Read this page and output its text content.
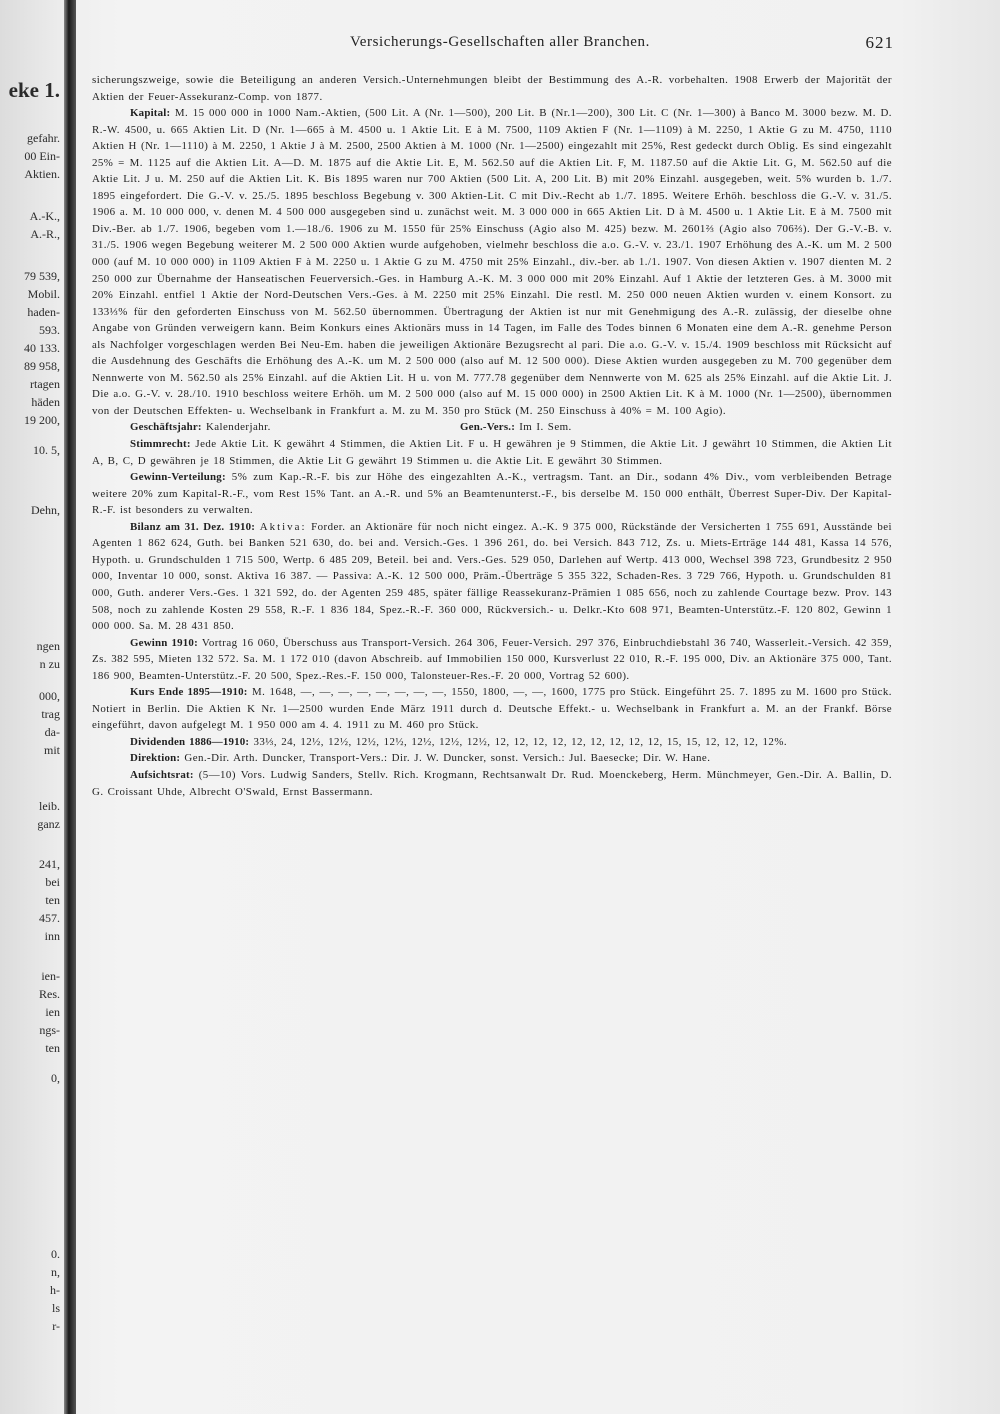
Versicherungs-Gesellschaften aller Branchen.	621
eke 1.
gefahr.
00 Ein-
Aktien.
A.-K.,
A.-R.,
79 539,
Mobil.
haden-
593.
40 133.
89 958,
rtagen
häden
19 200,
10. 5,
Dehn,
ngen
n zu
000,
trag
da-
mit
leib.
ganz
241,
bei
ten
457.
inn
ien-
Res.
ien
ngs-
ten
0,
0.
n,
h-
ls
r-

sicherungszweige, sowie die Beteiligung an anderen Versich.-Unternehmungen bleibt der Bestimmung des A.-R. vorbehalten. 1908 Erwerb der Majorität der Aktien der Feuer-Assekuranz-Comp. von 1877.

Kapital: M. 15 000 000 in 1000 Nam.-Aktien, (500 Lit. A (Nr. 1—500), 200 Lit. B (Nr.1—200), 300 Lit. C (Nr. 1—300) à Banco M. 3000 bezw. M. D. R.-W. 4500, u. 665 Aktien Lit. D (Nr. 1—665 à M. 4500 u. 1 Aktie Lit. E à M. 7500, 1109 Aktien F (Nr. 1—1109) à M. 2250, 1 Aktie G zu M. 4750, 1110 Aktien H (Nr. 1—1110) à M. 2250, 1 Aktie J à M. 2500, 2500 Aktien à M. 1000 (Nr. 1—2500) eingezahlt mit 25%, Rest gedeckt durch Oblig. Es sind eingezahlt 25% = M. 1125 auf die Aktien Lit. A—D. M. 1875 auf die Aktie Lit. E, M. 562.50 auf die Aktien Lit. F, M. 1187.50 auf die Aktie Lit. G, M. 562.50 auf die Aktie Lit. J u. M. 250 auf die Aktien Lit. K. Bis 1895 waren nur 700 Aktien (500 Lit. A, 200 Lit. B) mit 20% Einzahl. ausgegeben, weit. 5% wurden b. 1./7. 1895 eingefordert. Die G.-V. v. 25./5. 1895 beschloss Begebung v. 300 Aktien-Lit. C mit Div.-Recht ab 1./7. 1895. Weitere Erhöh. beschloss die G.-V. v. 31./5. 1906 a. M. 10 000 000, v. denen M. 4 500 000 ausgegeben sind u. zunächst weit. M. 3 000 000 in 665 Aktien Lit. D à M. 4500 u. 1 Aktie Lit. E à M. 7500 mit Div.-Ber. ab 1./7. 1906, begeben vom 1.—18./6. 1906 zu M. 1550 für 25% Einschuss (Agio also M. 425) bezw. M. 2601⅔ (Agio also 706⅔). Der G.-V.-B. v. 31./5. 1906 wegen Begebung weiterer M. 2 500 000 Aktien wurde aufgehoben, vielmehr beschloss die a.o. G.-V. v. 23./1. 1907 Erhöhung des A.-K. um M. 2 500 000 (auf M. 10 000 000) in 1109 Aktien F à M. 2250 u. 1 Aktie G zu M. 4750 mit 25% Einzahl., div.-ber. ab 1./1. 1907. Von diesen Aktien v. 1907 dienten M. 2 250 000 zur Übernahme der Hanseatischen Feuerversich.-Ges. in Hamburg A.-K. M. 3 000 000 mit 20% Einzahl. Auf 1 Aktie der letzteren Ges. à M. 3000 mit 20% Einzahl. entfiel 1 Aktie der Nord-Deutschen Vers.-Ges. à M. 2250 mit 25% Einzahl. Die restl. M. 250 000 neuen Aktien wurden v. einem Konsort. zu 133⅓% für den geforderten Einschuss von M. 562.50 übernommen. Übertragung der Aktien ist nur mit Genehmigung des A.-R. zulässig, der dieselbe ohne Angabe von Gründen verweigern kann. Beim Konkurs eines Aktionärs muss in 14 Tagen, im Falle des Todes binnen 6 Monaten eine dem A.-R. genehme Person als Nachfolger vorgeschlagen werden Bei Neu-Em. haben die jeweiligen Aktionäre Bezugsrecht al pari. Die a.o. G.-V. v. 15./4. 1909 beschloss mit Rücksicht auf die Ausdehnung des Geschäfts die Erhöhung des A.-K. um M. 2 500 000 (also auf M. 12 500 000). Diese Aktien wurden ausgegeben zu M. 700 gegenüber dem Nennwerte von M. 562.50 als 25% Einzahl. auf die Aktien Lit. H u. von M. 777.78 gegenüber dem Nennwerte von M. 625 als 25% Einzahl. auf die Aktie Lit. J. Die a.o. G.-V. v. 28./10. 1910 beschloss weitere Erhöh. um M. 2 500 000 (also auf M. 15 000 000) in 2500 Aktien Lit. K à M. 1000 (Nr. 1—2500), übernommen von der Deutschen Effekten- u. Wechselbank in Frankfurt a. M. zu M. 350 pro Stück (M. 250 Einschuss à 40% = M. 100 Agio).

Geschäftsjahr: Kalenderjahr.	Gen.-Vers.: Im I. Sem.

Stimmrecht: Jede Aktie Lit. K gewährt 4 Stimmen, die Aktien Lit. F u. H gewähren je 9 Stimmen, die Aktie Lit. J gewährt 10 Stimmen, die Aktien Lit A, B, C, D gewähren je 18 Stimmen, die Aktie Lit G gewährt 19 Stimmen u. die Aktie Lit. E gewährt 30 Stimmen.

Gewinn-Verteilung: 5% zum Kap.-R.-F. bis zur Höhe des eingezahlten A.-K., vertragsm. Tant. an Dir., sodann 4% Div., vom verbleibenden Betrage weitere 20% zum Kapital-R.-F., vom Rest 15% Tant. an A.-R. und 5% an Beamtenunterst.-F., bis derselbe M. 150 000 enthält, Überrest Super-Div. Der Kapital-R.-F. ist besonders zu verwalten.

Bilanz am 31. Dez. 1910: Aktiva: Forder. an Aktionäre für noch nicht eingez. A.-K. 9 375 000, Rückstände der Versicherten 1 755 691, Ausstände bei Agenten 1 862 624, Guth. bei Banken 521 630, do. bei and. Versich.-Ges. 1 396 261, do. bei Versich. 843 712, Zs. u. Miets-Erträge 144 481, Kassa 14 576, Hypoth. u. Grundschulden 1 715 500, Wertp. 6 485 209, Beteil. bei and. Vers.-Ges. 529 050, Darlehen auf Wertp. 413 000, Wechsel 398 723, Grundbesitz 2 950 000, Inventar 10 000, sonst. Aktiva 16 387. — Passiva: A.-K. 12 500 000, Präm.-Überträge 5 355 322, Schaden-Res. 3 729 766, Hypoth. u. Grundschulden 81 000, Guth. anderer Vers.-Ges. 1 321 592, do. der Agenten 259 485, später fällige Reassekuranz-Prämien 1 085 656, noch zu zahlende Courtage bezw. Prov. 143 508, noch zu zahlende Kosten 29 558, R.-F. 1 836 184, Spez.-R.-F. 360 000, Rückversich.- u. Delkr.-Kto 608 971, Beamten-Unterstütz.-F. 120 802, Gewinn 1 000 000. Sa. M. 28 431 850.

Gewinn 1910: Vortrag 16 060, Überschuss aus Transport-Versich. 264 306, Feuer-Versich. 297 376, Einbruchdiebstahl 36 740, Wasserleit.-Versich. 42 359, Zs. 382 595, Mieten 132 572. Sa. M. 1 172 010 (davon Abschreib. auf Immobilien 150 000, Kursverlust 22 010, R.-F. 195 000, Div. an Aktionäre 375 000, Tant. 186 900, Beamten-Unterstütz.-F. 20 500, Spez.-Res.-F. 150 000, Talonsteuer-Res.-F. 20 000, Vortrag 52 600).

Kurs Ende 1895—1910: M. 1648, —, —, —, —, —, —, —, —, 1550, 1800, —, —, 1600, 1775 pro Stück. Eingeführt 25. 7. 1895 zu M. 1600 pro Stück. Notiert in Berlin. Die Aktien K Nr. 1—2500 wurden Ende März 1911 durch d. Deutsche Effekt.- u. Wechselbank in Frankfurt a. M. an der Frankf. Börse eingeführt, davon aufgelegt M. 1 950 000 am 4. 4. 1911 zu M. 460 pro Stück.

Dividenden 1886—1910: 33⅓, 24, 12½, 12½, 12½, 12½, 12½, 12½, 12½, 12, 12, 12, 12, 12, 12, 12, 12, 12, 15, 15, 12, 12, 12, 12%.

Direktion: Gen.-Dir. Arth. Duncker, Transport-Vers.: Dir. J. W. Duncker, sonst. Versich.: Jul. Baesecke; Dir. W. Hane.

Aufsichtsrat: (5—10) Vors. Ludwig Sanders, Stellv. Rich. Krogmann, Rechtsanwalt Dr. Rud. Moenckeberg, Herm. Münchmeyer, Gen.-Dir. A. Ballin, D. G. Croissant Uhde, Albrecht O'Swald, Ernst Bassermann.
